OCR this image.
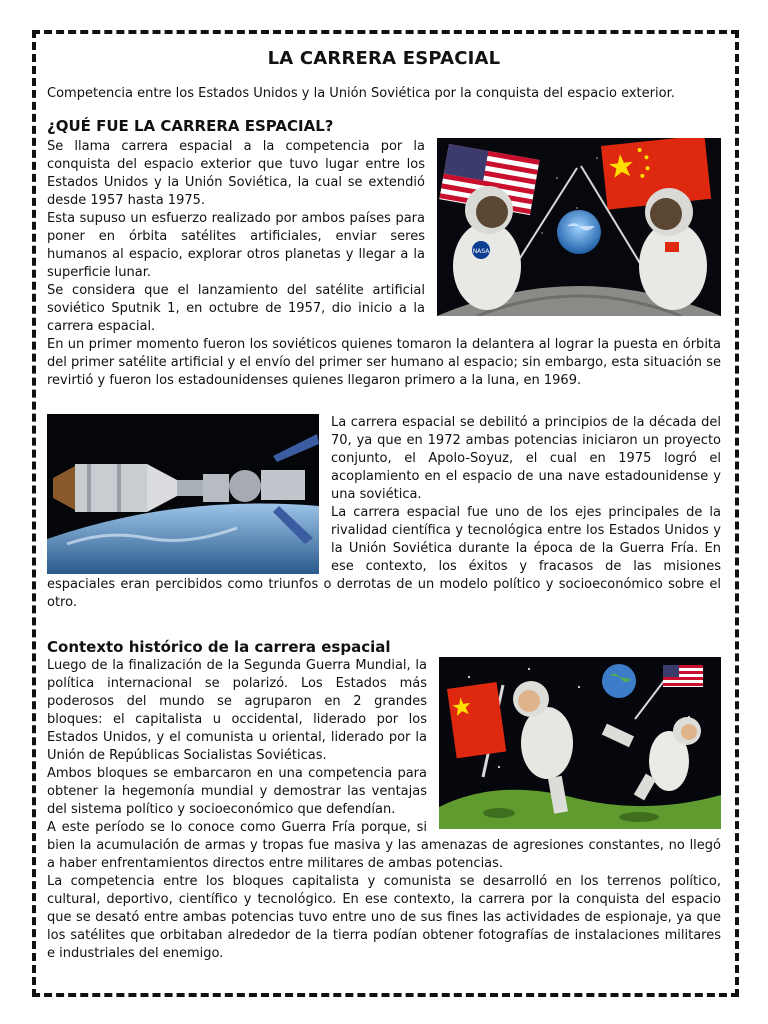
LA CARRERA ESPACIAL

Competencia entre los Estados Unidos y la Unión Soviética por la conquista del espacio exterior.

¿QUÉ FUE LA CARRERA ESPACIAL?
NASA

Se llama carrera espacial a la competencia por la conquista del espacio exterior que tuvo lugar entre los Estados Unidos y la Unión Soviética, la cual se extendió desde 1957 hasta 1975.

Esta supuso un esfuerzo realizado por ambos países para poner en órbita satélites artificiales, enviar seres humanos al espacio, explorar otros planetas y llegar a la superficie lunar.

Se considera que el lanzamiento del satélite artificial soviético Sputnik 1, en octubre de 1957, dio inicio a la carrera espacial.

En un primer momento fueron los soviéticos quienes tomaron la delantera al lograr la puesta en órbita del primer satélite artificial y el envío del primer ser humano al espacio; sin embargo, esta situación se revirtió y fueron los estadounidenses quienes llegaron primero a la luna, en 1969.

La carrera espacial se debilitó a principios de la década del 70, ya que en 1972 ambas potencias iniciaron un proyecto conjunto, el Apolo-Soyuz, el cual en 1975 logró el acoplamiento en el espacio de una nave estadounidense y una soviética.

La carrera espacial fue uno de los ejes principales de la rivalidad científica y tecnológica entre los Estados Unidos y la Unión Soviética durante la época de la Guerra Fría. En ese contexto, los éxitos y fracasos de las misiones espaciales eran percibidos como triunfos o derrotas de un modelo político y socioeconómico sobre el otro.

Contexto histórico de la carrera espacial

Luego de la finalización de la Segunda Guerra Mundial, la política internacional se polarizó. Los Estados más poderosos del mundo se agruparon en 2 grandes bloques: el capitalista u occidental, liderado por los Estados Unidos, y el comunista u oriental, liderado por la Unión de Repúblicas Socialistas Soviéticas.

Ambos bloques se embarcaron en una competencia para obtener la hegemonía mundial y demostrar las ventajas del sistema político y socioeconómico que defendían.

A este período se lo conoce como Guerra Fría porque, si bien la acumulación de armas y tropas fue masiva y las amenazas de agresiones constantes, no llegó a haber enfrentamientos directos entre militares de ambas potencias.

La competencia entre los bloques capitalista y comunista se desarrolló en los terrenos político, cultural, deportivo, científico y tecnológico. En ese contexto, la carrera por la conquista del espacio que se desató entre ambas potencias tuvo entre uno de sus fines las actividades de espionaje, ya que los satélites que orbitaban alrededor de la tierra podían obtener fotografías de instalaciones militares e industriales del enemigo.
